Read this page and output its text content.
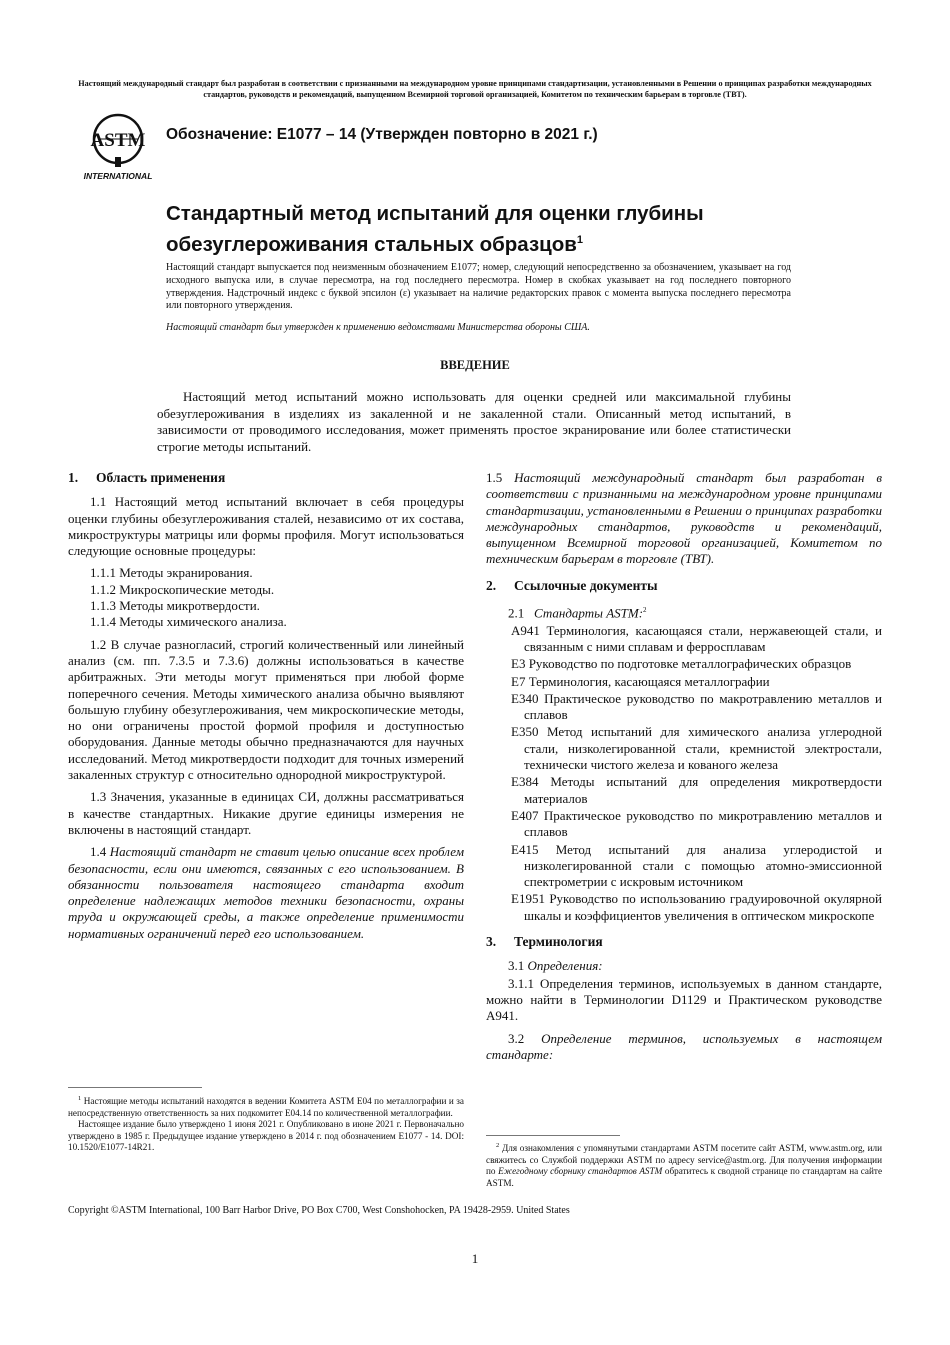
Настоящий международный стандарт был разработан в соответствии с признанными на международном уровне принципами стандартизации, установленными в Решении о принципах разработки международных стандартов, руководств и рекомендаций, выпущенном Всемирной торговой организацией, Комитетом по техническим барьерам в торговле (ТВТ).
ASTM
INTERNATIONAL
Обозначение: E1077 – 14 (Утвержден повторно в 2021 г.)
Стандартный метод испытаний для оценки глубины обезуглероживания стальных образцов$^1$
Настоящий стандарт выпускается под неизменным обозначением E1077; номер, следующий непосредственно за обозначением, указывает на год исходного выпуска или, в случае пересмотра, на год последнего пересмотра. Номер в скобках указывает на год последнего повторного утверждения. Надстрочный индекс с буквой эпсилон (ε) указывает на наличие редакторских правок с момента выпуска последнего пересмотра или повторного утверждения.
Настоящий стандарт был утвержден к применению ведомствами Министерства обороны США.
ВВЕДЕНИЕ
Настоящий метод испытаний можно использовать для оценки средней или максимальной глубины обезуглероживания в изделиях из закаленной и не закаленной стали. Описанный метод испытаний, в зависимости от проводимого исследования, может применять простое экранирование или более статистически строгие методы испытаний.

1. Область применения

1.1 Настоящий метод испытаний включает в себя процедуры оценки глубины обезуглероживания сталей, независимо от их состава, микроструктуры матрицы или формы профиля. Могут использоваться следующие основные процедуры:

1.1.1 Методы экранирования.

1.1.2 Микроскопические методы.

1.1.3 Методы микротвердости.

1.1.4 Методы химического анализа.

1.2 В случае разногласий, строгий количественный или линейный анализ (см. пп. 7.3.5 и 7.3.6) должны использоваться в качестве арбитражных. Эти методы могут применяться при любой форме поперечного сечения. Методы химического анализа обычно выявляют большую глубину обезуглероживания, чем микроскопические методы, но они ограничены простой формой профиля и доступностью оборудования. Данные методы обычно предназначаются для научных исследований. Метод микротвердости подходит для точных измерений закаленных структур с относительно однородной микроструктурой.

1.3 Значения, указанные в единицах СИ, должны рассматриваться в качестве стандартных. Никакие другие единицы измерения не включены в настоящий стандарт.

1.4 Настоящий стандарт не ставит целью описание всех проблем безопасности, если они имеются, связанных с его использованием. В обязанности пользователя настоящего стандарта входит определение надлежащих методов техники безопасности, охраны труда и окружающей среды, а также определение применимости нормативных ограничений перед его использованием.

1.5 Настоящий международный стандарт был разработан в соответствии с признанными на международном уровне принципами стандартизации, установленными в Решении о принципах разработки международных стандартов, руководств и рекомендаций, выпущенном Всемирной торговой организацией, Комитетом по техническим барьерам в торговле (ТВТ).

2. Ссылочные документы

2.1 Стандарты ASTM:$^2$

A941 Терминология, касающаяся стали, нержавеющей стали, и связанным с ними сплавам и ферросплавам

E3 Руководство по подготовке металлографических образцов

E7 Терминология, касающаяся металлографии

E340 Практическое руководство по макротравлению металлов и сплавов

E350 Метод испытаний для химического анализа углеродной стали, низколегированной стали, кремнистой электростали, технически чистого железа и кованого железа

E384 Методы испытаний для определения микротвердости материалов

E407 Практическое руководство по микротравлению металлов и сплавов

E415 Метод испытаний для анализа углеродистой и низколегированной стали с помощью атомно-эмиссионной спектрометрии с искровым источником

E1951 Руководство по использованию градуировочной окулярной шкалы и коэффициентов увеличения в оптическом микроскопе

3. Терминология

3.1 Определения:

3.1.1 Определения терминов, используемых в данном стандарте, можно найти в Терминологии D1129 и Практическом руководстве A941.

3.2 Определение терминов, используемых в настоящем стандарте:

$^1$ Настоящие методы испытаний находятся в ведении Комитета ASTM E04 по металлографии и за непосредственную ответственность за них подкомитет E04.14 по количественной металлографии.

Настоящее издание было утверждено 1 июня 2021 г. Опубликовано в июне 2021 г. Первоначально утверждено в 1985 г. Предыдущее издание утверждено в 2014 г. под обозначением E1077 - 14. DOI: 10.1520/E1077-14R21.	$^2$ Для ознакомления с упомянутыми стандартами ASTM посетите сайт ASTM, www.astm.org, или свяжитесь со Службой поддержки ASTM по адресу service@astm.org. Для получения информации по Ежегодному сборнику стандартов ASTM обратитесь к сводной странице по стандартам на сайте ASTM.

Copyright ©ASTM International, 100 Barr Harbor Drive, PO Box C700, West Conshohocken, PA 19428-2959. United States
1
